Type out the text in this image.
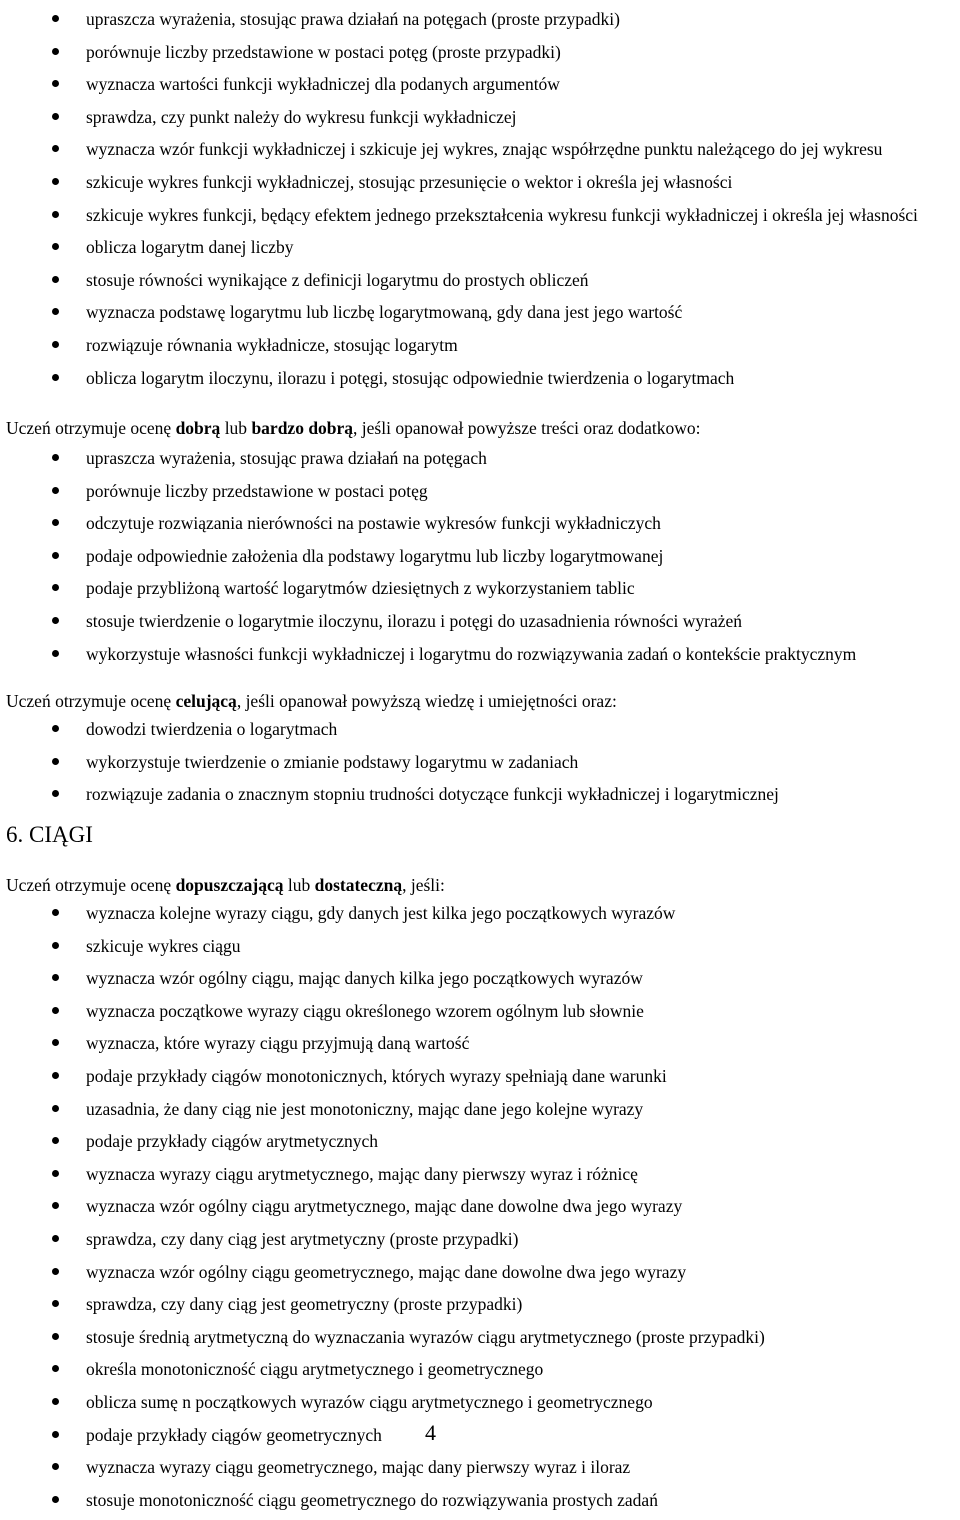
upraszcza wyrażenia, stosując prawa działań na potęgach (proste przypadki)
porównuje liczby przedstawione w postaci potęg (proste przypadki)
wyznacza wartości funkcji wykładniczej dla podanych argumentów
sprawdza, czy punkt należy do wykresu funkcji wykładniczej
wyznacza wzór funkcji wykładniczej i szkicuje jej wykres, znając współrzędne punktu należącego do jej wykresu
szkicuje wykres funkcji wykładniczej, stosując przesunięcie o wektor i określa jej własności
szkicuje wykres funkcji, będący efektem jednego przekształcenia wykresu funkcji wykładniczej i określa jej własności
oblicza logarytm danej liczby
stosuje równości wynikające z definicji logarytmu do prostych obliczeń
wyznacza podstawę logarytmu lub liczbę logarytmowaną, gdy dana jest jego wartość
rozwiązuje równania wykładnicze, stosując logarytm
oblicza logarytm iloczynu, ilorazu i potęgi, stosując odpowiednie twierdzenia o logarytmach

Uczeń otrzymuje ocenę dobrą lub bardzo dobrą, jeśli opanował powyższe treści oraz dodatkowo:

upraszcza wyrażenia, stosując prawa działań na potęgach
porównuje liczby przedstawione w postaci potęg
odczytuje rozwiązania nierówności na postawie wykresów funkcji wykładniczych
podaje odpowiednie założenia dla podstawy logarytmu lub liczby logarytmowanej
podaje przybliżoną wartość logarytmów dziesiętnych z wykorzystaniem tablic
stosuje twierdzenie o logarytmie iloczynu, ilorazu i potęgi do uzasadnienia równości wyrażeń
wykorzystuje własności funkcji wykładniczej i logarytmu do rozwiązywania zadań o kontekście praktycznym

Uczeń otrzymuje ocenę celującą, jeśli opanował powyższą wiedzę i umiejętności oraz:

dowodzi twierdzenia o logarytmach
wykorzystuje twierdzenie o zmianie podstawy logarytmu w zadaniach
rozwiązuje zadania o znacznym stopniu trudności dotyczące funkcji wykładniczej i logarytmicznej
6. CIĄGI

Uczeń otrzymuje ocenę dopuszczającą lub dostateczną, jeśli:

wyznacza kolejne wyrazy ciągu, gdy danych jest kilka jego początkowych wyrazów
szkicuje wykres ciągu
wyznacza wzór ogólny ciągu, mając danych kilka jego początkowych wyrazów
wyznacza początkowe wyrazy ciągu określonego wzorem ogólnym lub słownie
wyznacza, które wyrazy ciągu przyjmują daną wartość
podaje przykłady ciągów monotonicznych, których wyrazy spełniają dane warunki
uzasadnia, że dany ciąg nie jest monotoniczny, mając dane jego kolejne wyrazy
podaje przykłady ciągów arytmetycznych
wyznacza wyrazy ciągu arytmetycznego, mając dany pierwszy wyraz i różnicę
wyznacza wzór ogólny ciągu arytmetycznego, mając dane dowolne dwa jego wyrazy
sprawdza, czy dany ciąg jest arytmetyczny (proste przypadki)
wyznacza wzór ogólny ciągu geometrycznego, mając dane dowolne dwa jego wyrazy
sprawdza, czy dany ciąg jest geometryczny (proste przypadki)
stosuje średnią arytmetyczną do wyznaczania wyrazów ciągu arytmetycznego (proste przypadki)
określa monotoniczność ciągu arytmetycznego i geometrycznego
oblicza sumę n początkowych wyrazów ciągu arytmetycznego i geometrycznego
podaje przykłady ciągów geometrycznych
wyznacza wyrazy ciągu geometrycznego, mając dany pierwszy wyraz i iloraz
stosuje monotoniczność ciągu geometrycznego do rozwiązywania prostych zadań
4
